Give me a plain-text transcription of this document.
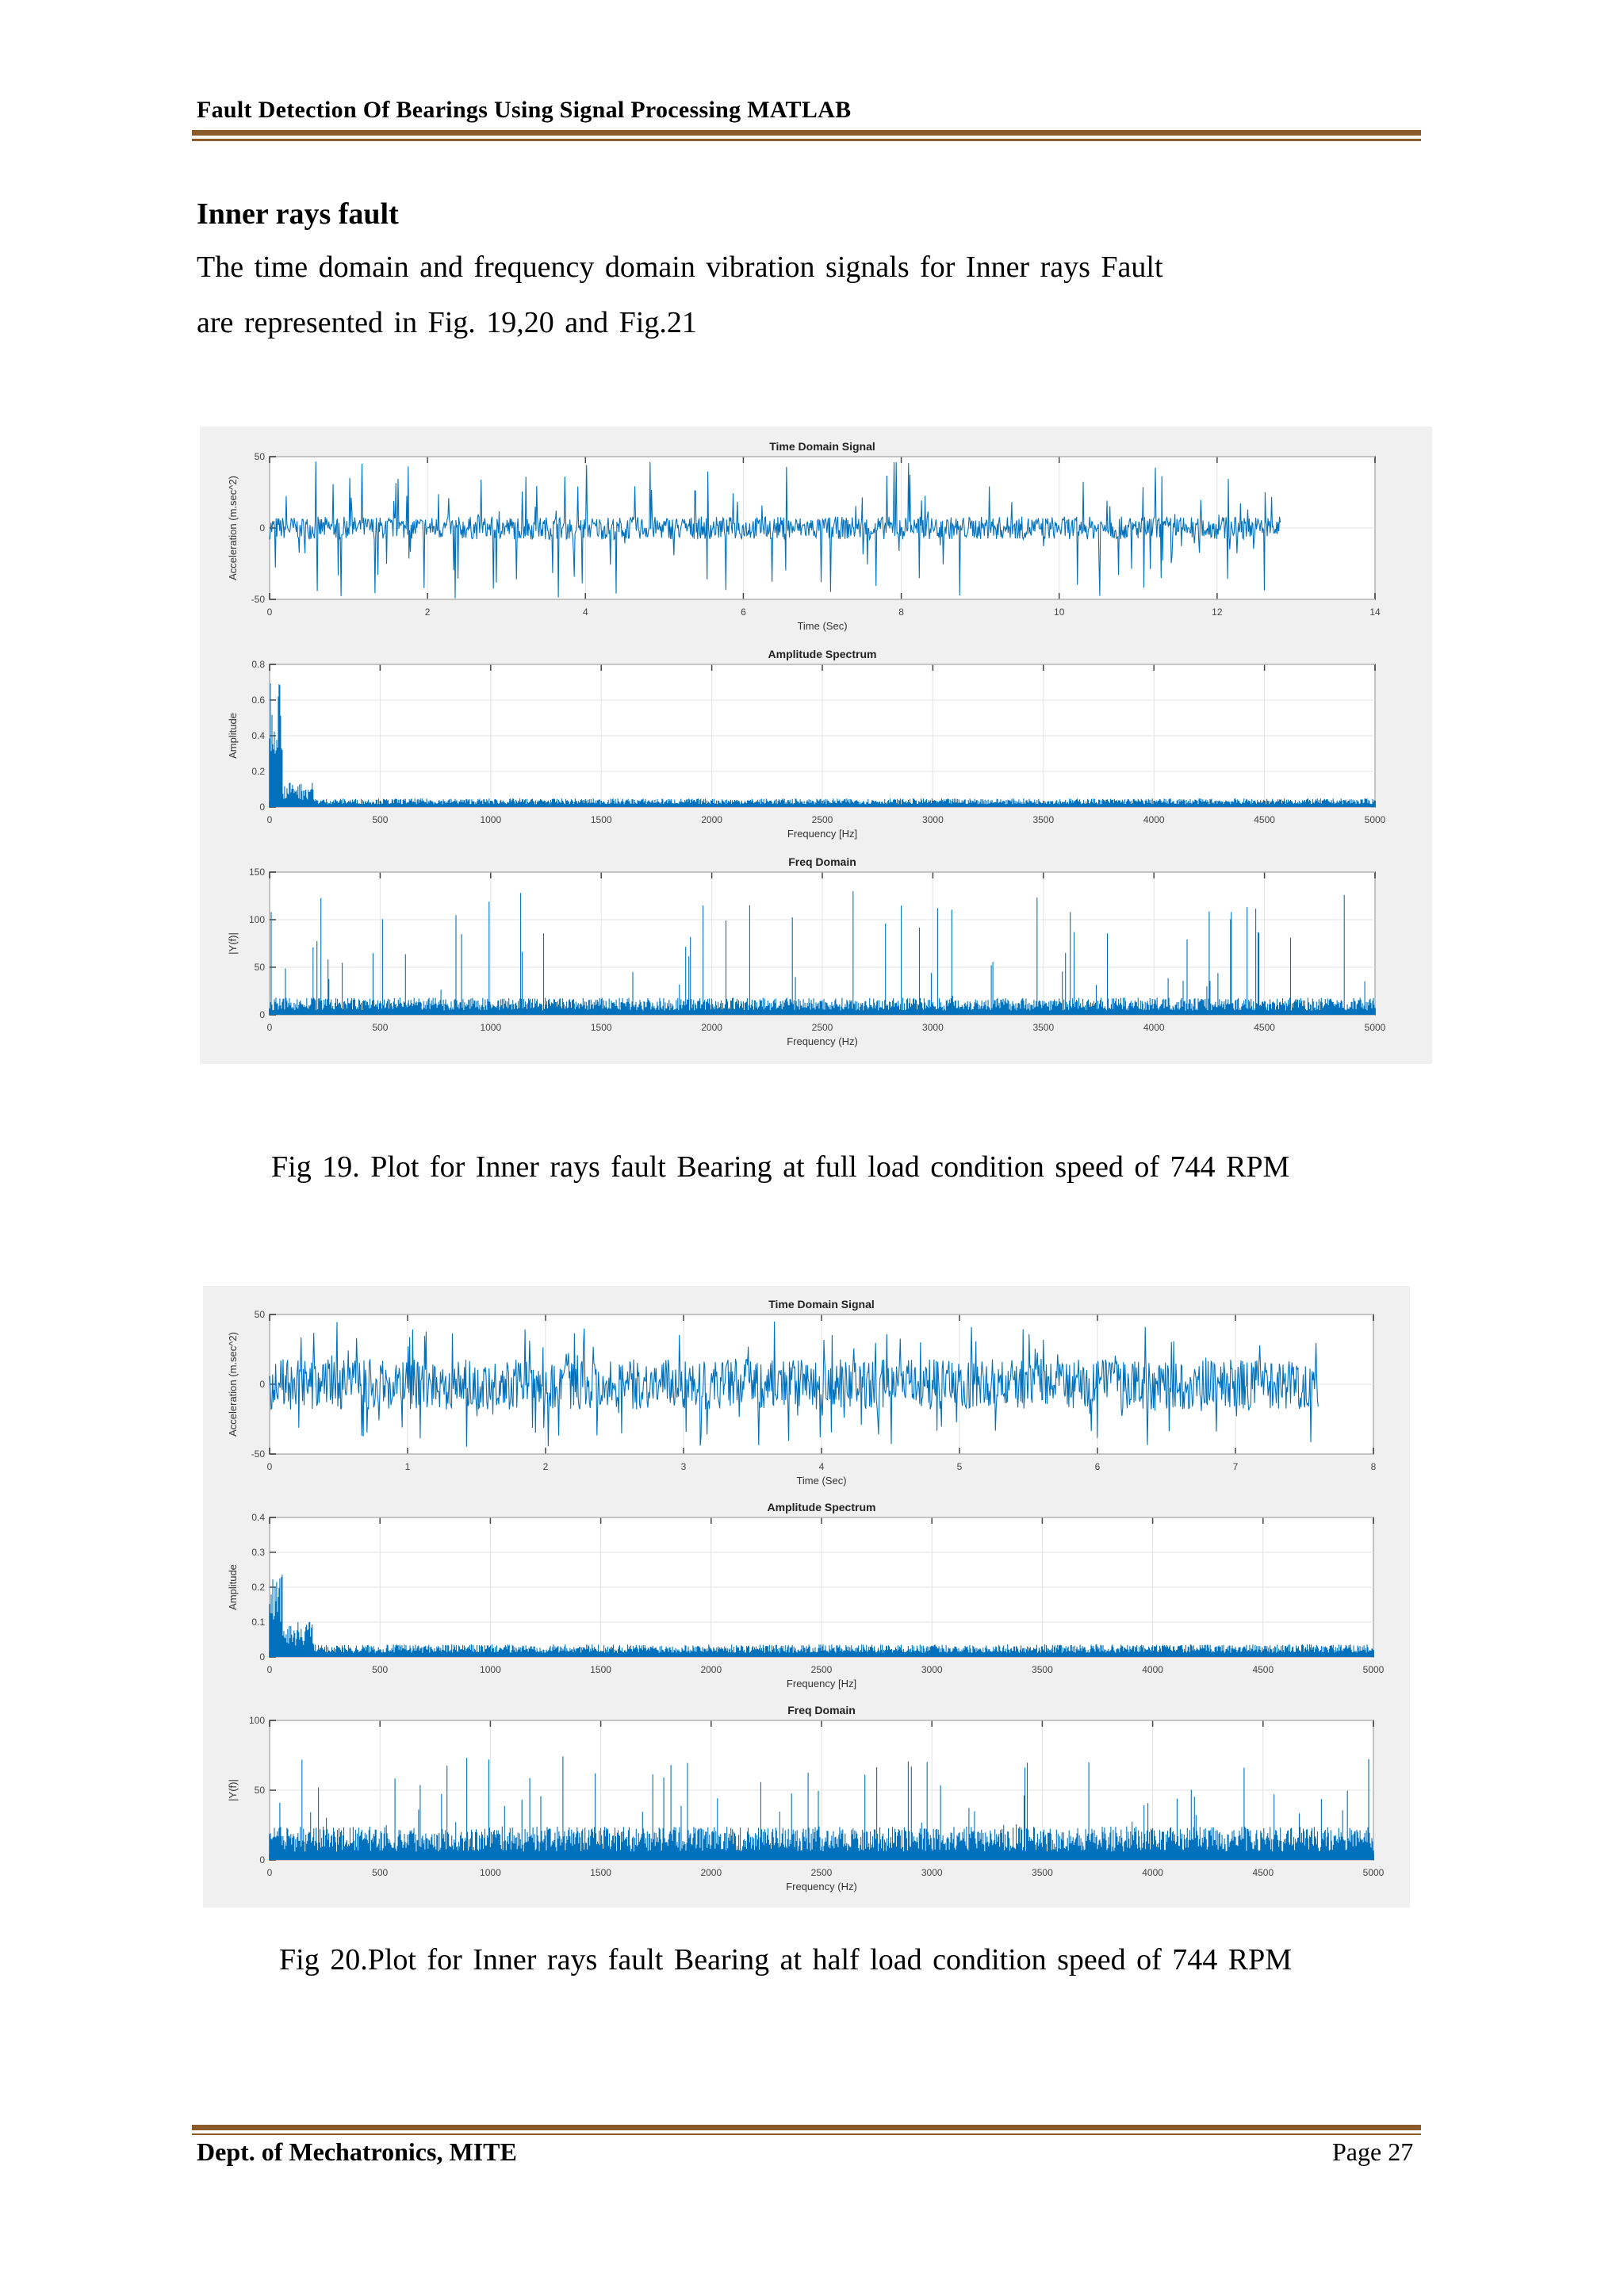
Fault Detection Of Bearings Using Signal Processing MATLAB
Inner rays fault
The time domain and frequency domain vibration signals for Inner rays Fault
are represented in Fig. 19,20 and Fig.21
0	2	4	6	8	10	12	14
-50
0
50
Time Domain Signal
Time (Sec)
Acceleration (m.sec^2)
0	500	1000	1500	2000	2500	3000	3500	4000	4500	5000
0
0.2
0.4
0.6
0.8
Amplitude Spectrum
Frequency [Hz]
Amplitude
0	500	1000	1500	2000	2500	3000	3500	4000	4500	5000
0
50
100
150
Freq Domain
Frequency (Hz)
|Y(f)|
Fig 19. Plot for Inner rays fault Bearing at full load condition speed of 744 RPM
0	1	2	3	4	5	6	7	8
-50
0
50
Time Domain Signal
Time (Sec)
Acceleration (m.sec^2)
0	500	1000	1500	2000	2500	3000	3500	4000	4500	5000
0
0.1
0.2
0.3
0.4
Amplitude Spectrum
Frequency [Hz]
Amplitude
0	500	1000	1500	2000	2500	3000	3500	4000	4500	5000
0
50
100
Freq Domain
Frequency (Hz)
|Y(f)|
Fig 20.Plot for Inner rays fault Bearing at half load condition speed of 744 RPM
Dept. of Mechatronics, MITE	Page 27
